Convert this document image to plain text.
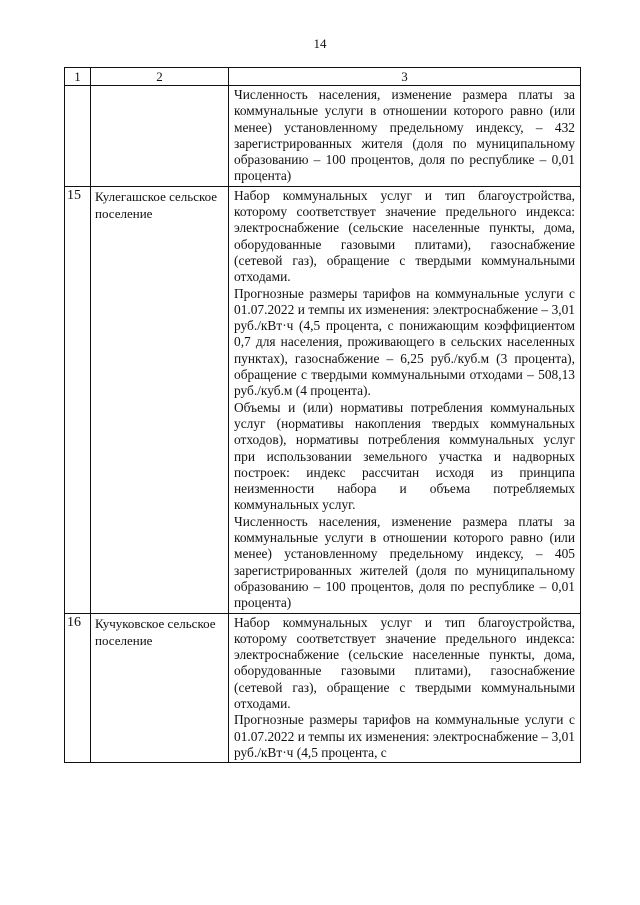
14
1	2	3

		Численность населения, изменение размера платы за коммунальные услуги в отношении которого равно (или менее) установленному предельному индексу, – 432 зарегистрированных жителя (доля по муниципальному образованию – 100 процентов, доля по республике – 0,01 процента)

15	Кулегашское сельское поселение	Набор коммунальных услуг и тип благоустройства, которому соответствует значение предельного индекса: электроснабжение (сельские населенные пункты, дома, оборудованные газовыми плитами), газоснабжение (сетевой газ), обращение с твердыми коммунальными отходами.

Прогнозные размеры тарифов на коммунальные услуги с 01.07.2022 и темпы их изменения: электроснабжение – 3,01 руб./кВт·ч (4,5 процента, с понижающим коэффициентом 0,7 для населения, проживающего в сельских населенных пунктах), газоснабжение – 6,25 руб./куб.м (3 процента), обращение с твердыми коммунальными отходами – 508,13 руб./куб.м (4 процента).

Объемы и (или) нормативы потребления коммунальных услуг (нормативы накопления твердых коммунальных отходов), нормативы потребления коммунальных услуг при использовании земельного участка и надворных построек: индекс рассчитан исходя из принципа неизменности набора и объема потребляемых коммунальных услуг.

Численность населения, изменение размера платы за коммунальные услуги в отношении которого равно (или менее) установленному предельному индексу, – 405 зарегистрированных жителей (доля по муниципальному образованию – 100 процентов, доля по республике – 0,01 процента)

16	Кучуковское сельское поселение	Набор коммунальных услуг и тип благоустройства, которому соответствует значение предельного индекса: электроснабжение (сельские населенные пункты, дома, оборудованные газовыми плитами), газоснабжение (сетевой газ), обращение с твердыми коммунальными отходами.

Прогнозные размеры тарифов на коммунальные услуги с 01.07.2022 и темпы их изменения: электроснабжение – 3,01 руб./кВт·ч (4,5 процента, с
